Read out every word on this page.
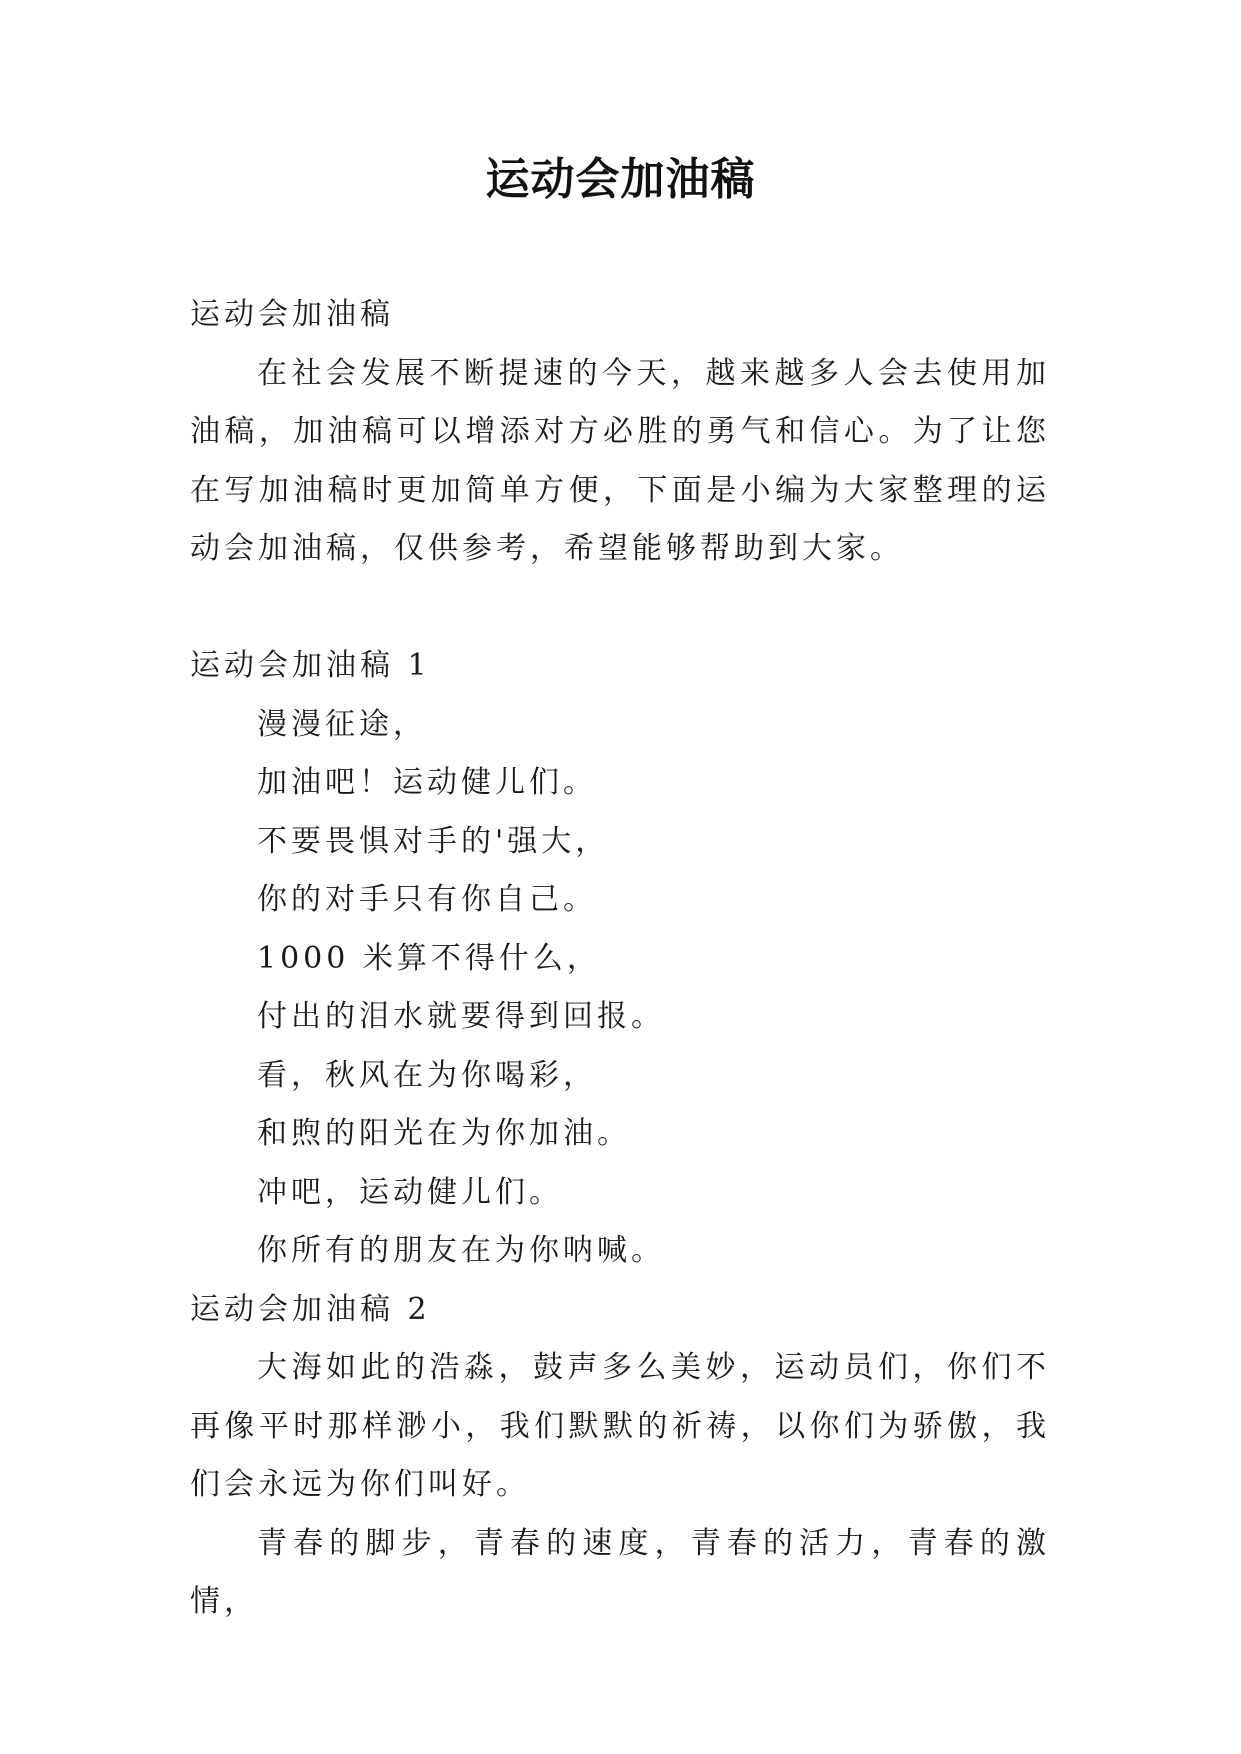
运动会加油稿

运动会加油稿

在社会发展不断提速的今天，越来越多人会去使用加油稿，加油稿可以增添对方必胜的勇气和信心。为了让您在写加油稿时更加简单方便，下面是小编为大家整理的运动会加油稿，仅供参考，希望能够帮助到大家。

运动会加油稿 1

漫漫征途，

加油吧！运动健儿们。

不要畏惧对手的'强大，

你的对手只有你自己。

1000 米算不得什么，

付出的泪水就要得到回报。

看，秋风在为你喝彩，

和煦的阳光在为你加油。

冲吧，运动健儿们。

你所有的朋友在为你呐喊。

运动会加油稿 2

大海如此的浩淼，鼓声多么美妙，运动员们，你们不再像平时那样渺小，我们默默的祈祷，以你们为骄傲，我们会永远为你们叫好。

青春的脚步，青春的速度，青春的活力，青春的激情，
